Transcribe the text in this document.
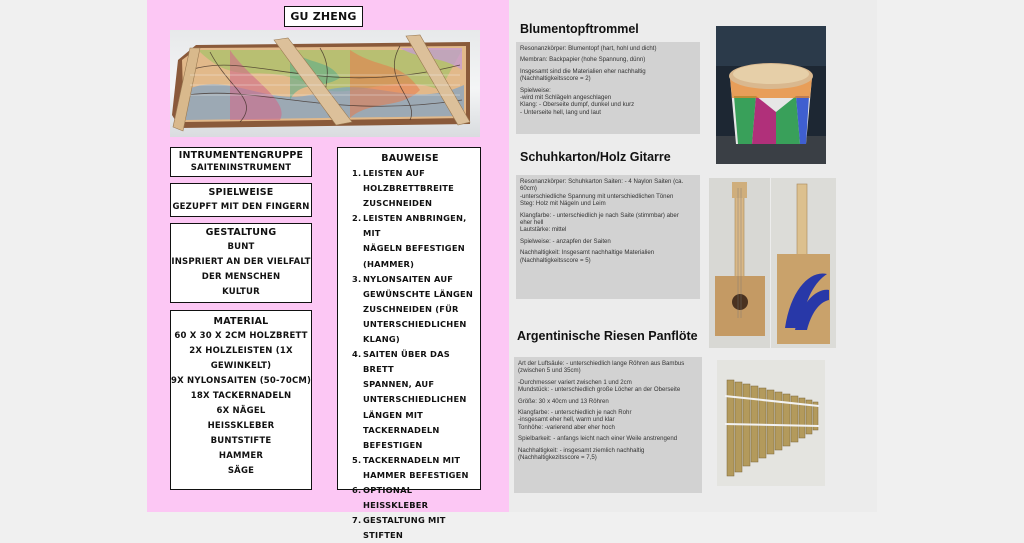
GU ZHENG
INTRUMENTENGRUPPE
SAITENINSTRUMENT
SPIELWEISE
GEZUPFT MIT DEN FINGERN
GESTALTUNG
BUNT
INSPRIERT AN DER VIELFALT
DER MENSCHEN
KULTUR
MATERIAL
60 X 30 X 2CM HOLZBRETT
2X HOLZLEISTEN (1X
GEWINKELT)
9X NYLONSAITEN (50-70CM)
18X TACKERNADELN
6X NÄGEL
HEISSKLEBER
BUNTSTIFTE
HAMMER
SÄGE
BAUWEISE
1. LEISTEN AUF
HOLZBRETTBREITE
ZUSCHNEIDEN
2. LEISTEN ANBRINGEN, MIT
NÄGELN BEFESTIGEN
(HAMMER)
3. NYLONSAITEN AUF
GEWÜNSCHTE LÄNGEN
ZUSCHNEIDEN (FÜR
UNTERSCHIEDLICHEN
KLANG)
4. SAITEN ÜBER DAS BRETT
SPANNEN, AUF
UNTERSCHIEDLICHEN
LÄNGEN MIT
TACKERNADELN
BEFESTIGEN
5. TACKERNADELN MIT
HAMMER BEFESTIGEN
6. OPTIONAL HEISSKLEBER
7. GESTALTUNG MIT STIFTEN
Blumentopftrommel

Resonanzkörper: Blumentopf (hart, hohl und dicht)

Membran: Backpapier (hohe Spannung, dünn)

Insgesamt sind die Materialien eher nachhaltig
(Nachhaltigkeitsscore = 2)

Spielweise:
-wird mit Schlägeln angeschlagen
Klang: - Oberseite dumpf, dunkel und kurz
- Unterseite hell, lang und laut

Schuhkarton/Holz Gitarre

Resonanzkörper: Schuhkarton Saiten: - 4 Naylon Saiten (ca.
60cm)
-unterschiedliche Spannung mit unterschiedlichen Tönen
Steg: Holz mit Nägeln und Leim

Klangfarbe: - unterschiedlich je nach Saite (stimmbar) aber
eher hell
Lautstärke: mittel

Spielweise: - anzapfen der Saiten

Nachhaltigkeit: Insgesamt nachhaltige Materialien
(Nachhaltigkeitsscore = 5)

Argentinische Riesen Panflöte

Art der Luftsäule: - unterschiedlich lange Röhren aus Bambus
(zwischen 5 und 35cm)

-Durchmesser variert zwischen 1 und 2cm
Mundstück: - unterschiedlich große Löcher an der Oberseite

Größe: 30 x 40cm und 13 Röhren

Klangfarbe: - unterschiedlich je nach Rohr
-insgesamt eher hell, warm und klar
Tonhöhe: -varierend aber eher hoch

Spielbarkeit: - anfangs leicht nach einer Weile anstrengend

Nachhaltigkeit: - insgesamt ziemlich nachhaltig
(Nachhaltigkezitsscore = 7,5)
